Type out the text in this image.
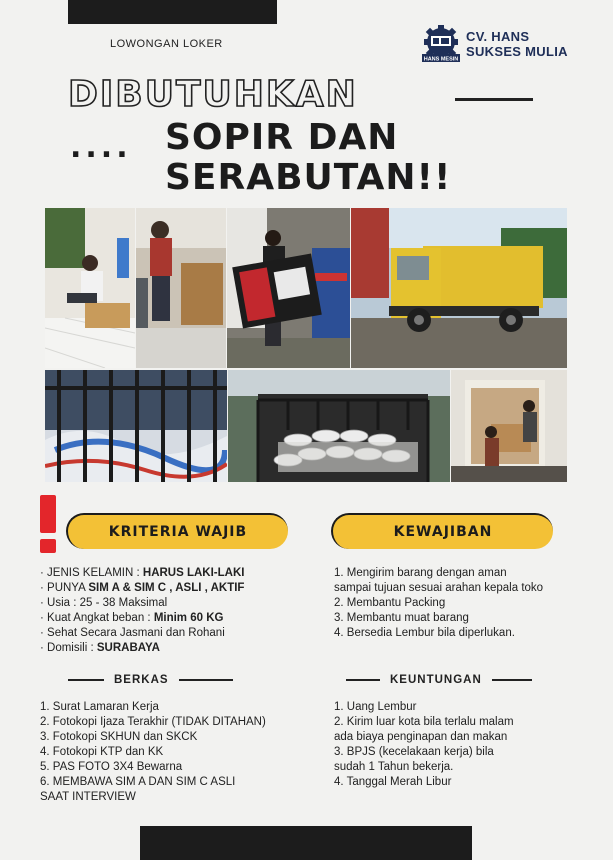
LOWONGAN LOKER
HANS MESIN
CV. HANS
SUKSES MULIA
DIBUTUHKAN
.... SOPIR DAN
SERABUTAN!!
KRITERIA WAJIB	KEWAJIBAN
· JENIS KELAMIN : HARUS LAKI-LAKI
· PUNYA SIM A & SIM C , ASLI , AKTIF
· Usia : 25 - 38 Maksimal
· Kuat Angkat beban : Minim 60 KG
· Sehat Secara Jasmani dan Rohani
· Domisili : SURABAYA
1. Mengirim barang dengan aman
sampai tujuan sesuai arahan kepala toko
2. Membantu Packing
3. Membantu muat barang
4. Bersedia Lembur bila diperlukan.
BERKAS	KEUNTUNGAN
1. Surat Lamaran Kerja
2. Fotokopi Ijaza Terakhir (TIDAK DITAHAN)
3. Fotokopi SKHUN dan SKCK
4. Fotokopi KTP dan KK
5. PAS FOTO 3X4 Bewarna
6. MEMBAWA SIM A DAN SIM C ASLI
SAAT INTERVIEW
1. Uang Lembur
2. Kirim luar kota bila terlalu malam
ada biaya penginapan dan makan
3. BPJS (kecelakaan kerja) bila
sudah 1 Tahun bekerja.
4. Tanggal Merah Libur
